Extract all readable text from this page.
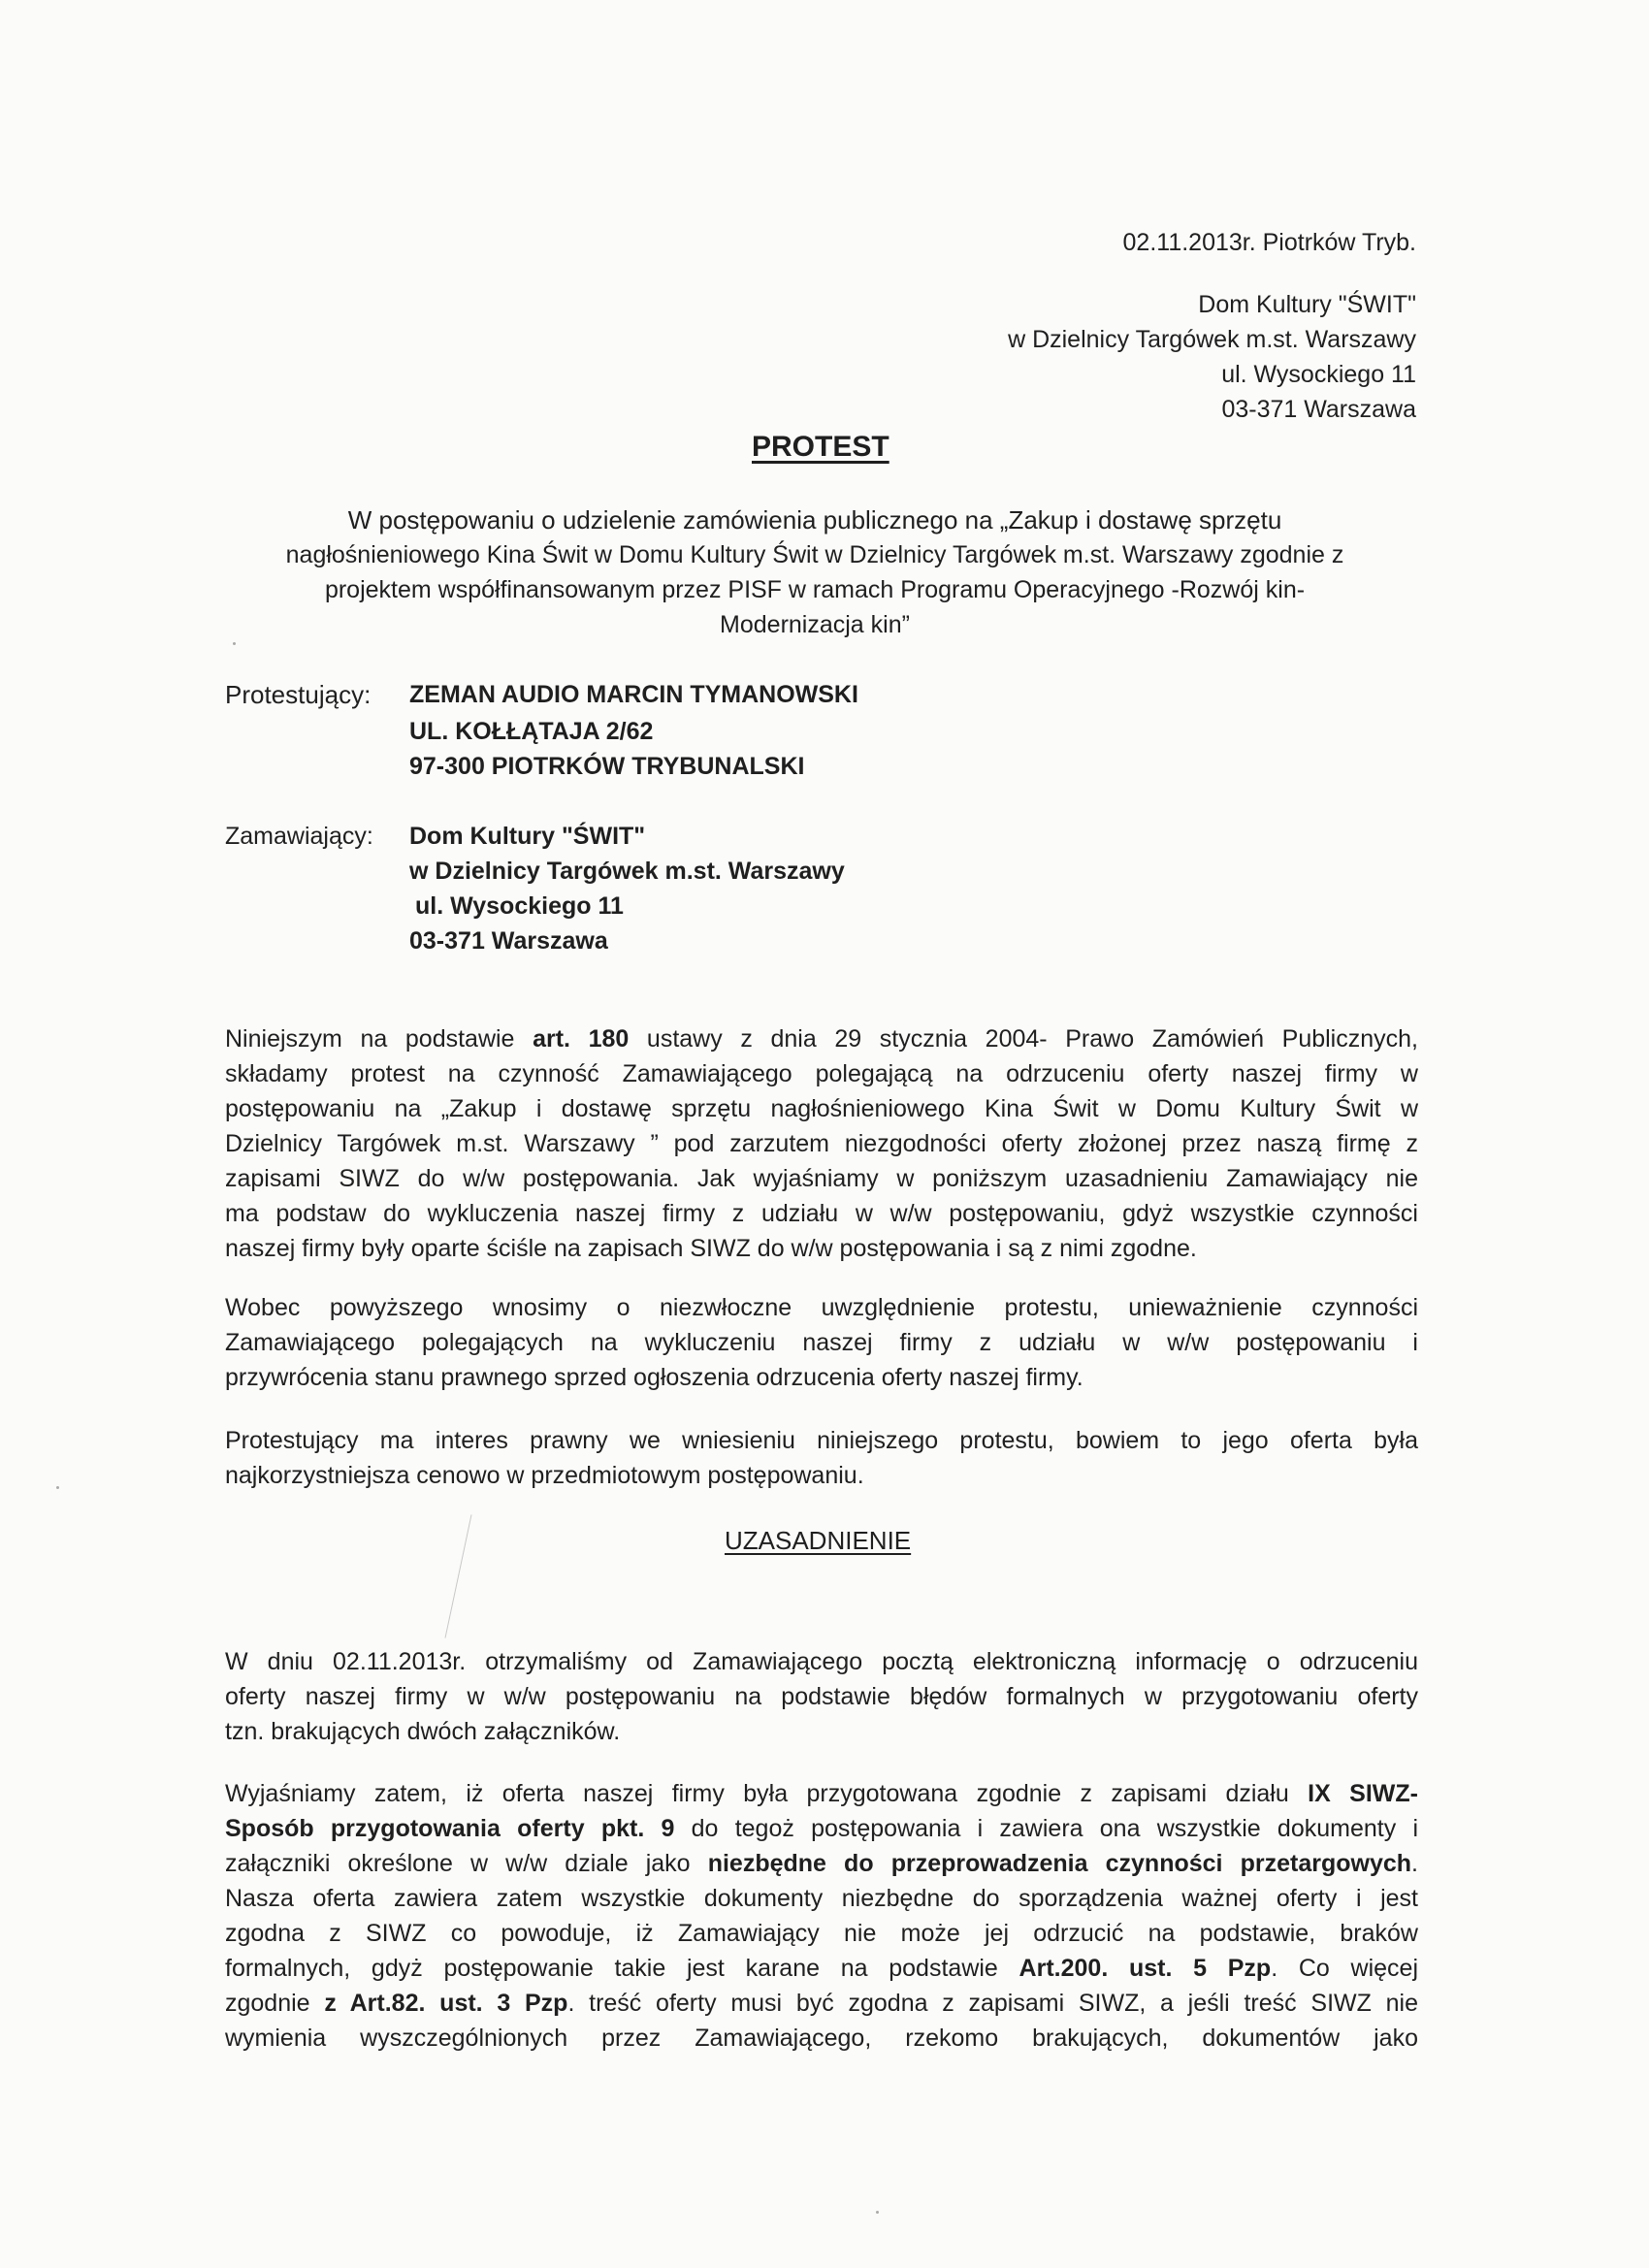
02.11.2013r. Piotrków Tryb.
Dom Kultury "ŚWIT"
w Dzielnicy Targówek m.st. Warszawy
ul. Wysockiego 11
03-371 Warszawa
PROTEST
W postępowaniu o udzielenie zamówienia publicznego na „Zakup i dostawę sprzętu
nagłośnieniowego Kina Świt w Domu Kultury Świt w Dzielnicy Targówek m.st. Warszawy zgodnie z
projektem współfinansowanym przez PISF w ramach Programu Operacyjnego -Rozwój kin-
Modernizacja kin”
Protestujący: ZEMAN AUDIO MARCIN TYMANOWSKI
UL. KOŁŁĄTAJA 2/62
97-300 PIOTRKÓW TRYBUNALSKI
Zamawiający: Dom Kultury "ŚWIT"
w Dzielnicy Targówek m.st. Warszawy
ul. Wysockiego 11
03-371 Warszawa
Niniejszym na podstawie art. 180 ustawy z dnia 29 stycznia 2004- Prawo Zamówień Publicznych,
składamy protest na czynność Zamawiającego polegającą na odrzuceniu oferty naszej firmy w
postępowaniu na „Zakup i dostawę sprzętu nagłośnieniowego Kina Świt w Domu Kultury Świt w
Dzielnicy Targówek m.st. Warszawy ” pod zarzutem niezgodności oferty złożonej przez naszą firmę z
zapisami SIWZ do w/w postępowania. Jak wyjaśniamy w poniższym uzasadnieniu Zamawiający nie
ma podstaw do wykluczenia naszej firmy z udziału w w/w postępowaniu, gdyż wszystkie czynności
naszej firmy były oparte ściśle na zapisach SIWZ do w/w postępowania i są z nimi zgodne.
Wobec powyższego wnosimy o niezwłoczne uwzględnienie protestu, unieważnienie czynności
Zamawiającego polegających na wykluczeniu naszej firmy z udziału w w/w postępowaniu i
przywrócenia stanu prawnego sprzed ogłoszenia odrzucenia oferty naszej firmy.
Protestujący ma interes prawny we wniesieniu niniejszego protestu, bowiem to jego oferta była
najkorzystniejsza cenowo w przedmiotowym postępowaniu.
UZASADNIENIE
W dniu 02.11.2013r. otrzymaliśmy od Zamawiającego pocztą elektroniczną informację o odrzuceniu
oferty naszej firmy w w/w postępowaniu na podstawie błędów formalnych w przygotowaniu oferty
tzn. brakujących dwóch załączników.
Wyjaśniamy zatem, iż oferta naszej firmy była przygotowana zgodnie z zapisami działu IX SIWZ-
Sposób przygotowania oferty pkt. 9 do tegoż postępowania i zawiera ona wszystkie dokumenty i
załączniki określone w w/w dziale jako niezbędne do przeprowadzenia czynności przetargowych.
Nasza oferta zawiera zatem wszystkie dokumenty niezbędne do sporządzenia ważnej oferty i jest
zgodna z SIWZ co powoduje, iż Zamawiający nie może jej odrzucić na podstawie, braków
formalnych, gdyż postępowanie takie jest karane na podstawie Art.200. ust. 5 Pzp. Co więcej
zgodnie z Art.82. ust. 3 Pzp. treść oferty musi być zgodna z zapisami SIWZ, a jeśli treść SIWZ nie
wymienia wyszczególnionych przez Zamawiającego, rzekomo brakujących, dokumentów jako
